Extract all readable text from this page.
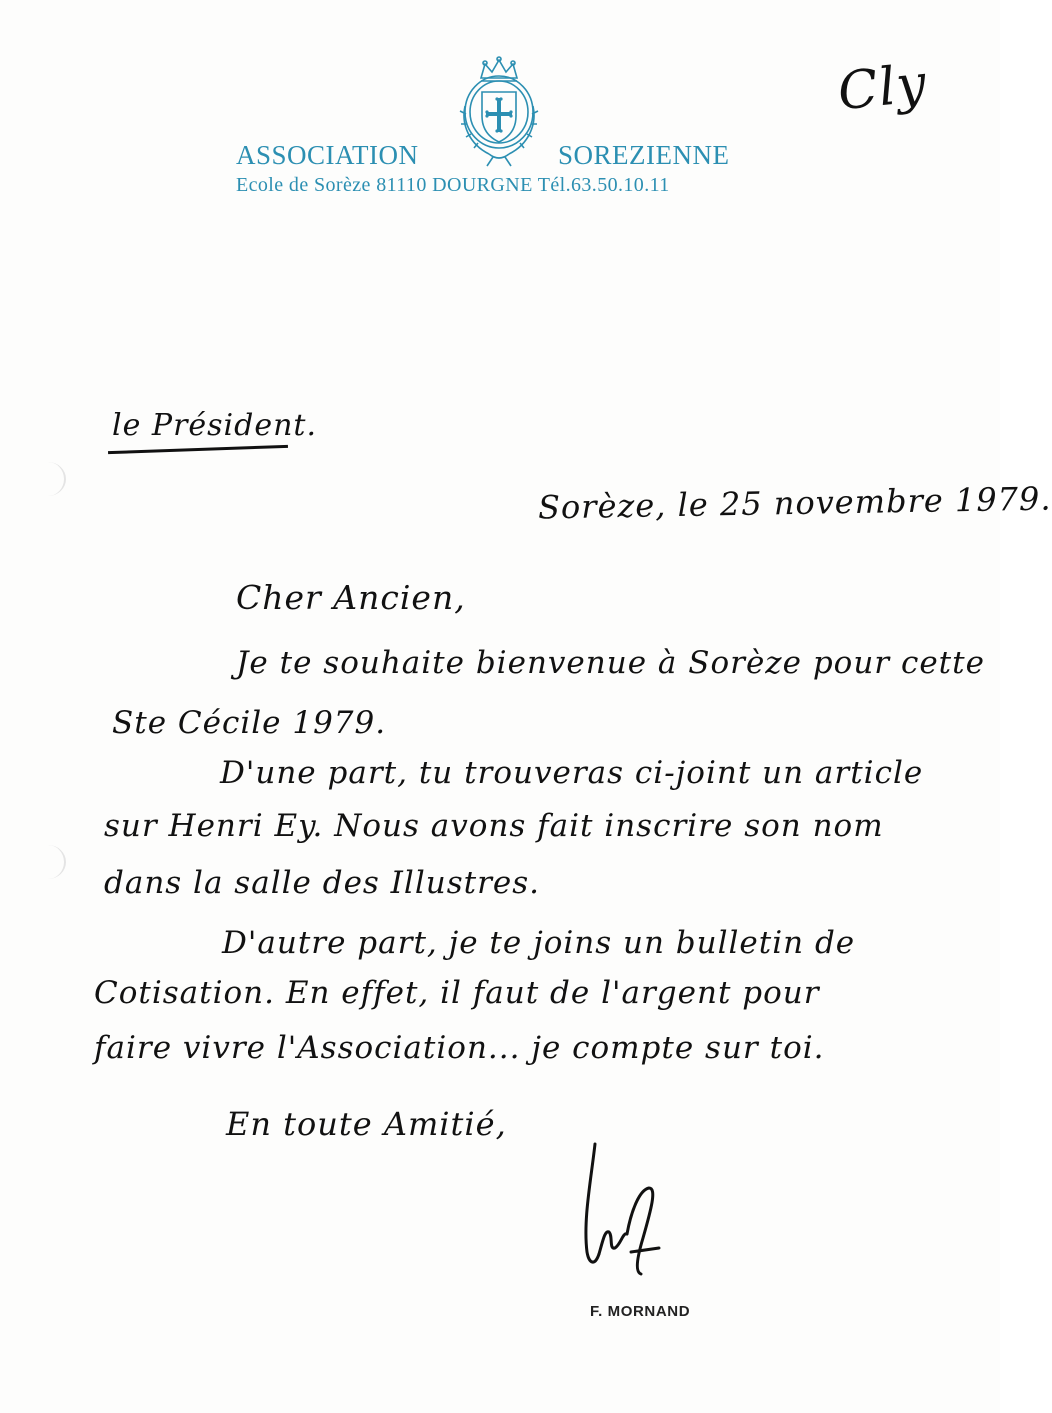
ASSOCIATION	SOREZIENNE
Ecole de Sorèze 81110 DOURGNE Tél.63.50.10.11
Cly
le Président.
Sorèze, le 25 novembre 1979.
Cher Ancien,
Je te souhaite bienvenue à Sorèze pour cette
Ste Cécile 1979.
D'une part, tu trouveras ci-joint un article
sur Henri Ey. Nous avons fait inscrire son nom
dans la salle des Illustres.
D'autre part, je te joins un bulletin de
Cotisation. En effet, il faut de l'argent pour
faire vivre l'Association... je compte sur toi.
En toute Amitié,
F. MORNAND
